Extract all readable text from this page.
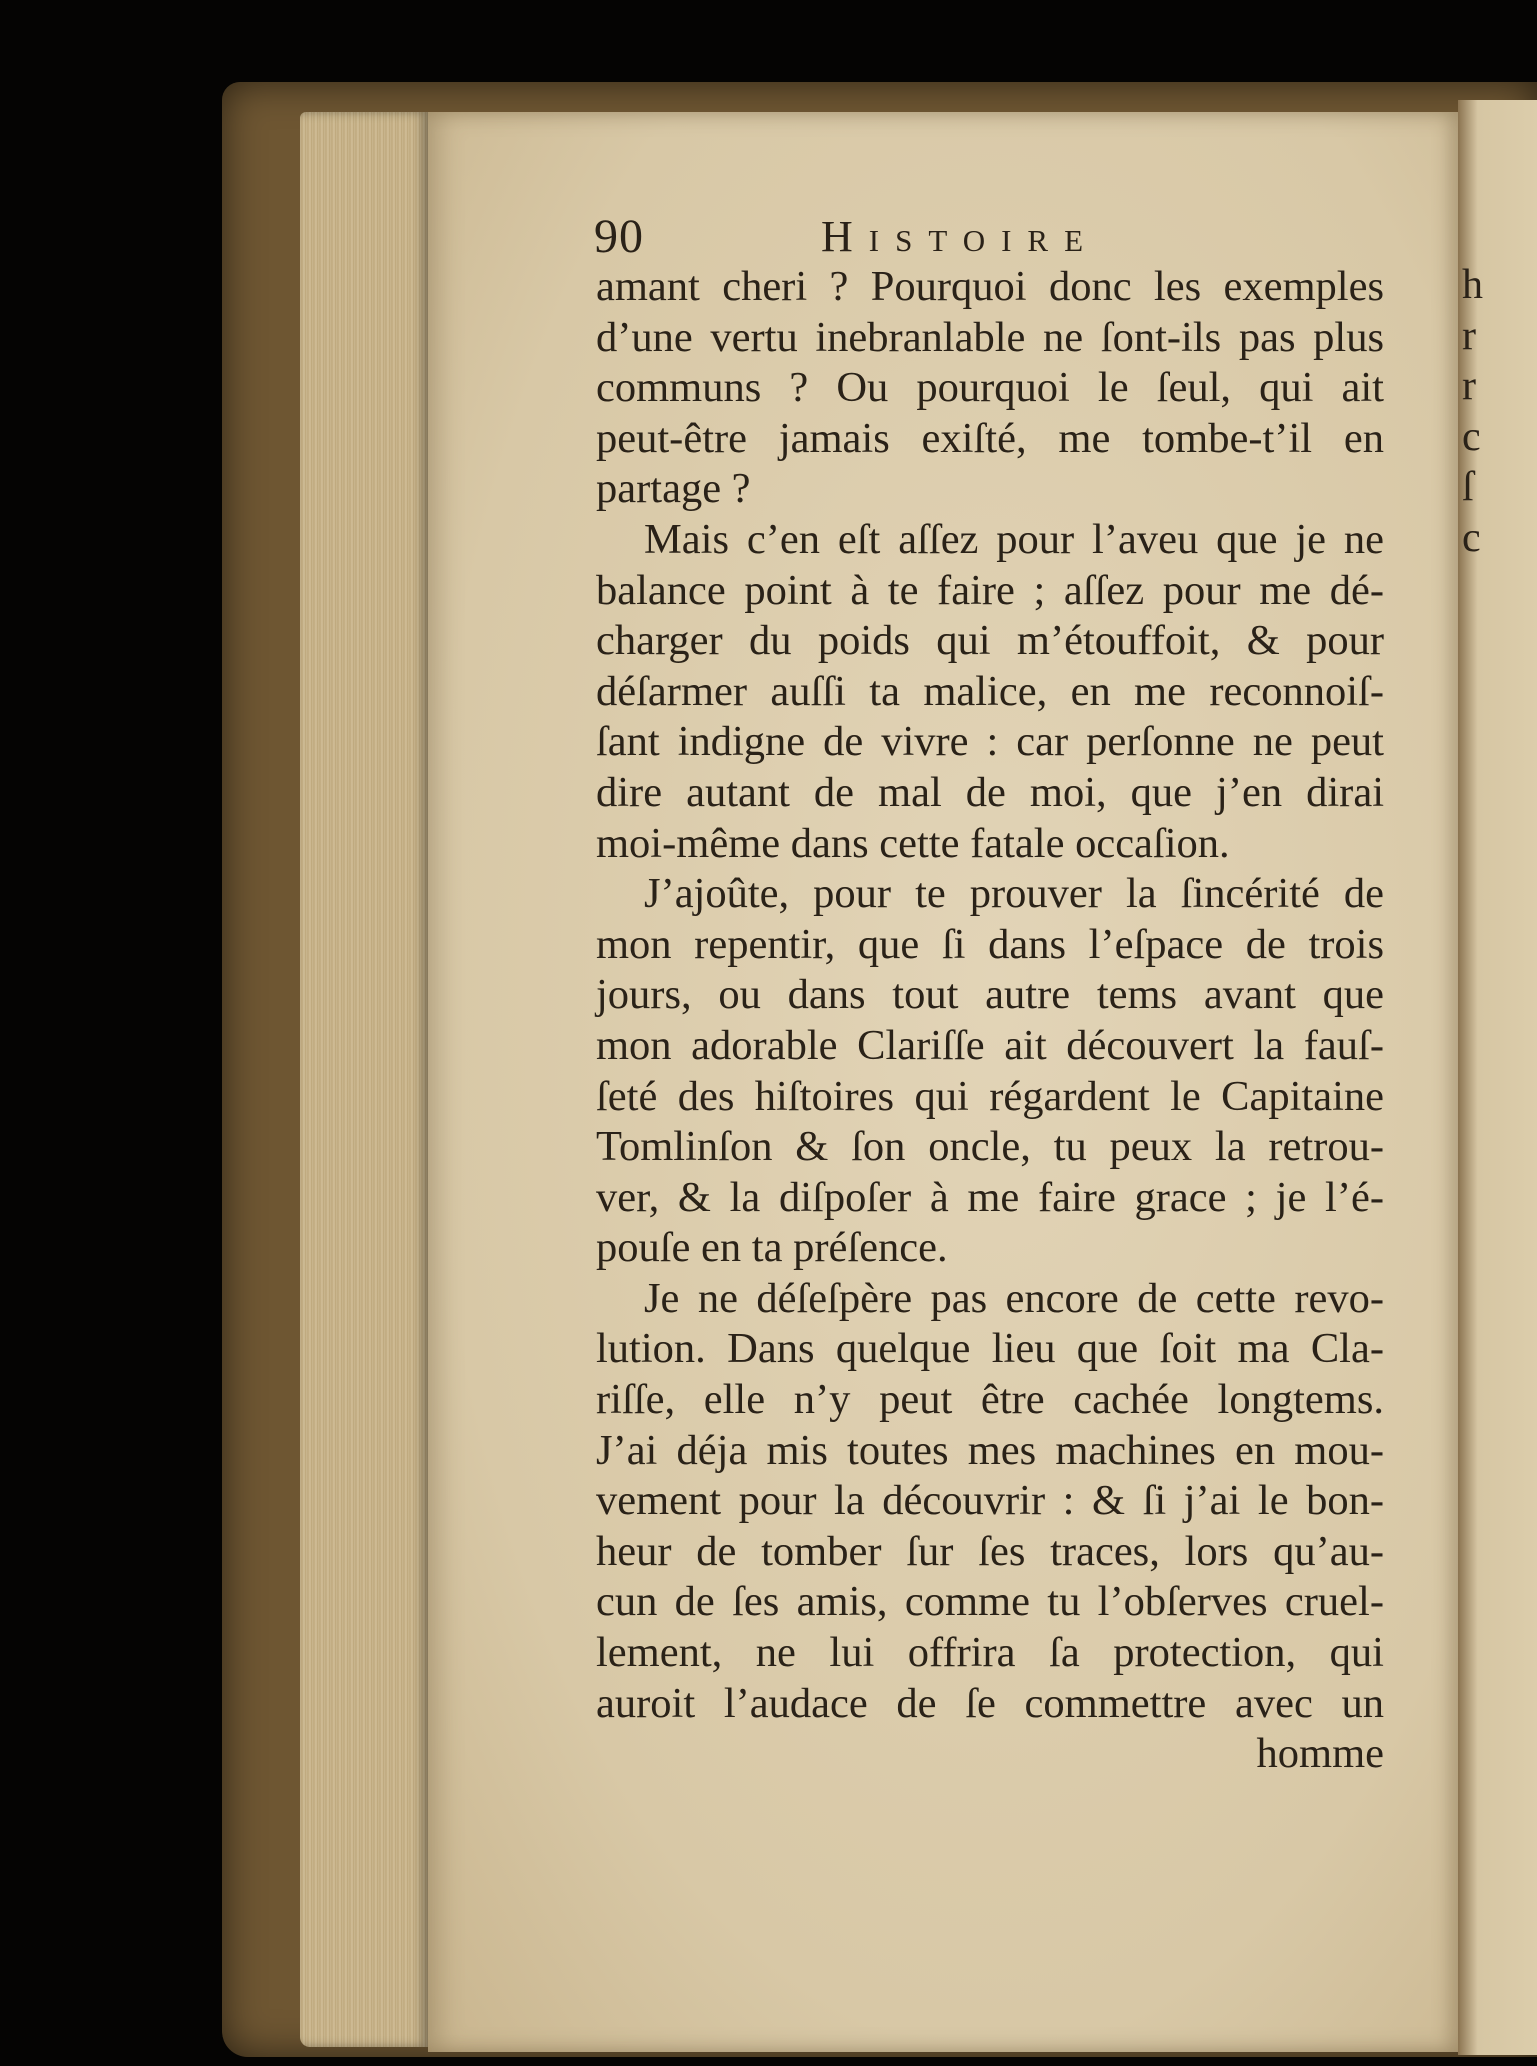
90	Histoire
amant cheri ? Pourquoi donc les exemples
d’une vertu inebranlable ne ſont-ils pas plus
communs ? Ou pourquoi le ſeul, qui ait
peut-être jamais exiſté, me tombe-t’il en
partage ?
Mais c’en eſt aſſez pour l’aveu que je ne
balance point à te faire ; aſſez pour me dé-
charger du poids qui m’étouffoit, & pour
déſarmer auſſi ta malice, en me reconnoiſ-
ſant indigne de vivre : car perſonne ne peut
dire autant de mal de moi, que j’en dirai
moi-même dans cette fatale occaſion.
J’ajoûte, pour te prouver la ſincérité de
mon repentir, que ſi dans l’eſpace de trois
jours, ou dans tout autre tems avant que
mon adorable Clariſſe ait découvert la fauſ-
ſeté des hiſtoires qui régardent le Capitaine
Tomlinſon & ſon oncle, tu peux la retrou-
ver, & la diſpoſer à me faire grace ; je l’é-
pouſe en ta préſence.
Je ne déſeſpère pas encore de cette revo-
lution. Dans quelque lieu que ſoit ma Cla-
riſſe, elle n’y peut être cachée longtems.
J’ai déja mis toutes mes machines en mou-
vement pour la découvrir : & ſi j’ai le bon-
heur de tomber ſur ſes traces, lors qu’au-
cun de ſes amis, comme tu l’obſerves cruel-
lement, ne lui offrira ſa protection, qui
auroit l’audace de ſe commettre avec un
homme
h
r
r
c
ſ
c
